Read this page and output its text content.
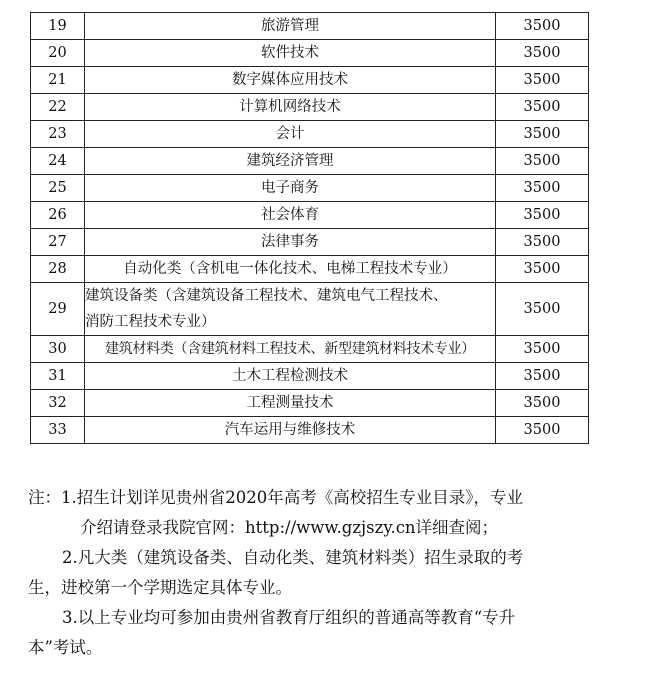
19	旅游管理	3500
20	软件技术	3500
21	数字媒体应用技术	3500
22	计算机网络技术	3500
23	会计	3500
24	建筑经济管理	3500
25	电子商务	3500
26	社会体育	3500
27	法律事务	3500
28	自动化类（含机电一体化技术、电梯工程技术专业）	3500
29	建筑设备类（含建筑设备工程技术、建筑电气工程技术、
消防工程技术专业）	3500
30	建筑材料类（含建筑材料工程技术、新型建筑材料技术专业）	3500
31	土木工程检测技术	3500
32	工程测量技术	3500
33	汽车运用与维修技术	3500

注：1.招生计划详见贵州省2020年高考《高校招生专业目录》，专业

介绍请登录我院官网：http://www.gzjszy.cn详细查阅；

2.凡大类（建筑设备类、自动化类、建筑材料类）招生录取的考

生，进校第一个学期选定具体专业。

3.以上专业均可参加由贵州省教育厅组织的普通高等教育“专升

本”考试。
